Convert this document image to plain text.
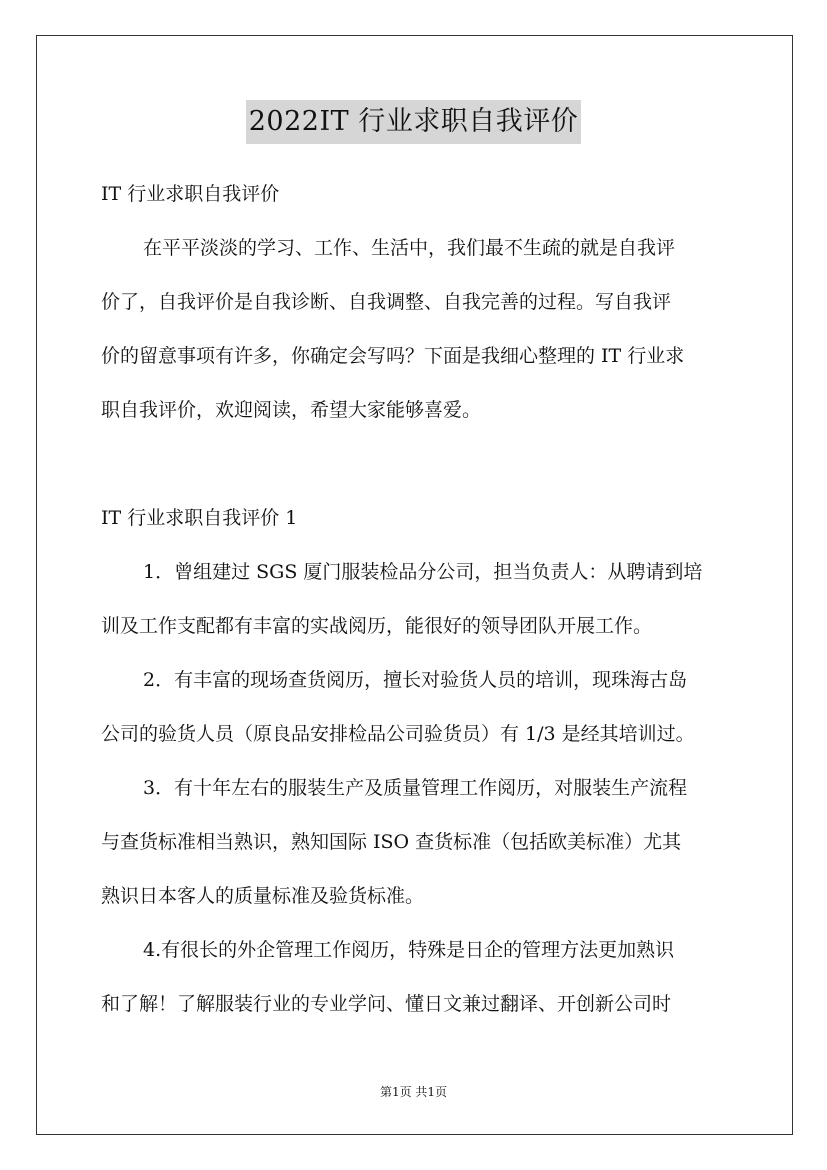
2022IT 行业求职自我评价
IT 行业求职自我评价
在平平淡淡的学习、工作、生活中，我们最不生疏的就是自我评
价了，自我评价是自我诊断、自我调整、自我完善的过程。写自我评
价的留意事项有许多，你确定会写吗？下面是我细心整理的 IT 行业求
职自我评价，欢迎阅读，希望大家能够喜爱。
IT 行业求职自我评价 1
1．曾组建过 SGS 厦门服装检品分公司，担当负责人：从聘请到培
训及工作支配都有丰富的实战阅历，能很好的领导团队开展工作。
2．有丰富的现场查货阅历，擅长对验货人员的培训，现珠海古岛
公司的验货人员（原良品安排检品公司验货员）有 1/3 是经其培训过。
3．有十年左右的服装生产及质量管理工作阅历，对服装生产流程
与查货标准相当熟识，熟知国际 ISO 查货标准（包括欧美标准）尤其
熟识日本客人的质量标准及验货标准。
4.有很长的外企管理工作阅历，特殊是日企的管理方法更加熟识
和了解！了解服装行业的专业学问、懂日文兼过翻译、开创新公司时
第1页 共1页
